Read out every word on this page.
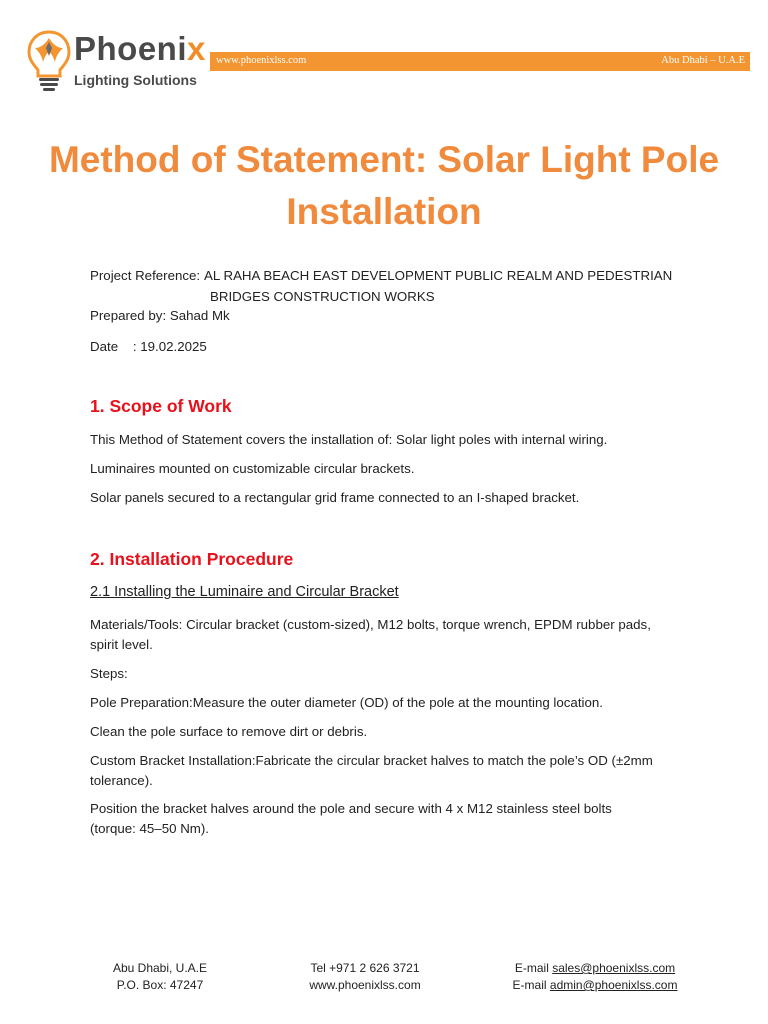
Phoenix
Lighting Solutions
www.phoenixlss.com	Abu Dhabi – U.A.E
Method of Statement: Solar Light Pole Installation
Project Reference: AL RAHA BEACH EAST DEVELOPMENT PUBLIC REALM AND PEDESTRIAN
BRIDGES CONSTRUCTION WORKS
Prepared by: Sahad Mk
Date    : 19.02.2025
1. Scope of Work
This Method of Statement covers the installation of: Solar light poles with internal wiring.
Luminaires mounted on customizable circular brackets.
Solar panels secured to a rectangular grid frame connected to an I-shaped bracket.
2. Installation Procedure
2.1 Installing the Luminaire and Circular Bracket
Materials/Tools: Circular bracket (custom-sized), M12 bolts, torque wrench, EPDM rubber pads, spirit level.
Steps:
Pole Preparation:Measure the outer diameter (OD) of the pole at the mounting location.
Clean the pole surface to remove dirt or debris.
Custom Bracket Installation:Fabricate the circular bracket halves to match the pole’s OD (±2mm tolerance).
Position the bracket halves around the pole and secure with 4 x M12 stainless steel bolts (torque: 45–50 Nm).
Abu Dhabi, U.A.E
P.O. Box: 47247
Tel +971 2 626 3721
www.phoenixlss.com
E-mail sales@phoenixlss.com
E-mail admin@phoenixlss.com
